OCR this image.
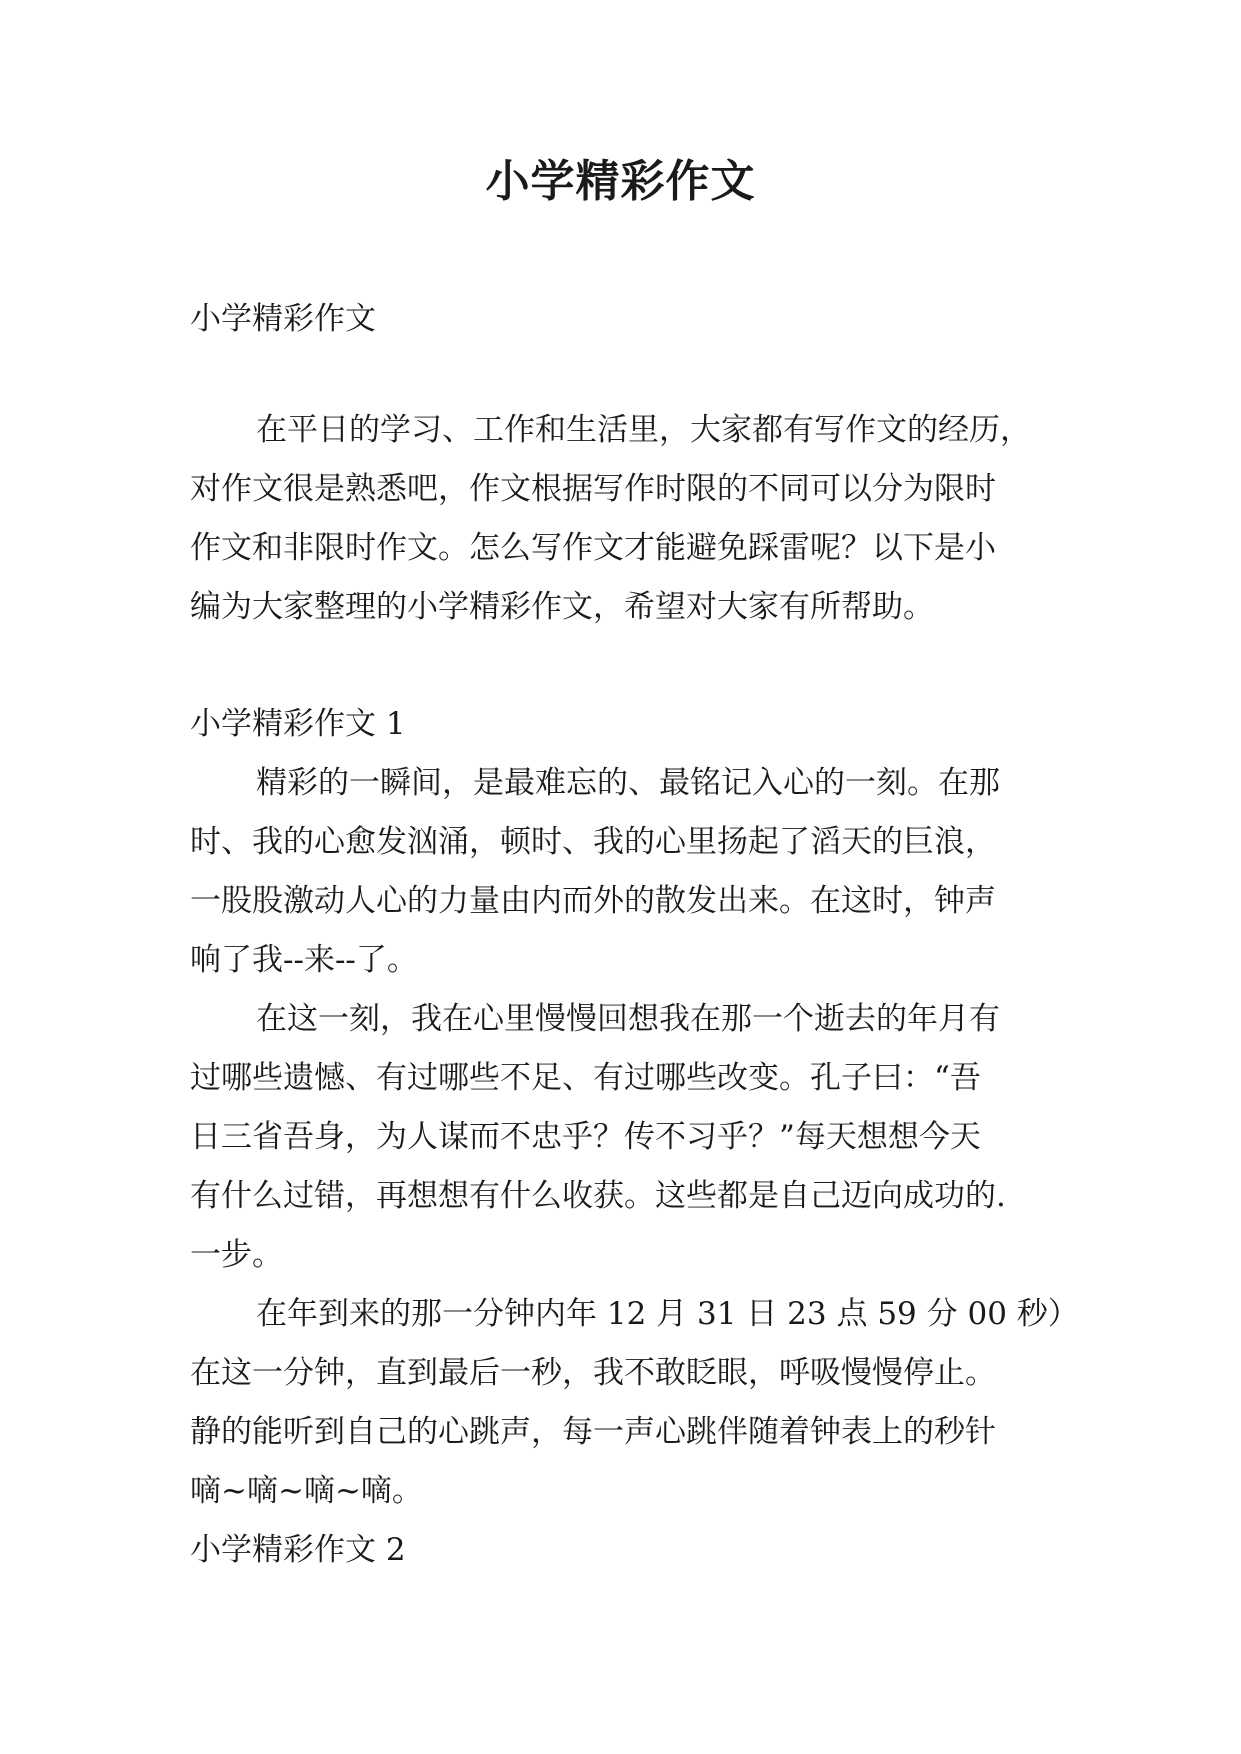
小学精彩作文
小学精彩作文
在平日的学习、工作和生活里，大家都有写作文的经历，
对作文很是熟悉吧，作文根据写作时限的不同可以分为限时
作文和非限时作文。怎么写作文才能避免踩雷呢？以下是小
编为大家整理的小学精彩作文，希望对大家有所帮助。
小学精彩作文 1
精彩的一瞬间，是最难忘的、最铭记入心的一刻。在那
时、我的心愈发汹涌，顿时、我的心里扬起了滔天的巨浪，
一股股激动人心的力量由内而外的散发出来。在这时，钟声
响了我--来--了。
在这一刻，我在心里慢慢回想我在那一个逝去的年月有
过哪些遗憾、有过哪些不足、有过哪些改变。孔子曰：“吾
日三省吾身，为人谋而不忠乎？传不习乎？”每天想想今天
有什么过错，再想想有什么收获。这些都是自己迈向成功的.
一步。
在年到来的那一分钟内年 12 月 31 日 23 点 59 分 00 秒）
在这一分钟，直到最后一秒，我不敢眨眼，呼吸慢慢停止。
静的能听到自己的心跳声，每一声心跳伴随着钟表上的秒针
嘀~嘀~嘀~嘀。
小学精彩作文 2
